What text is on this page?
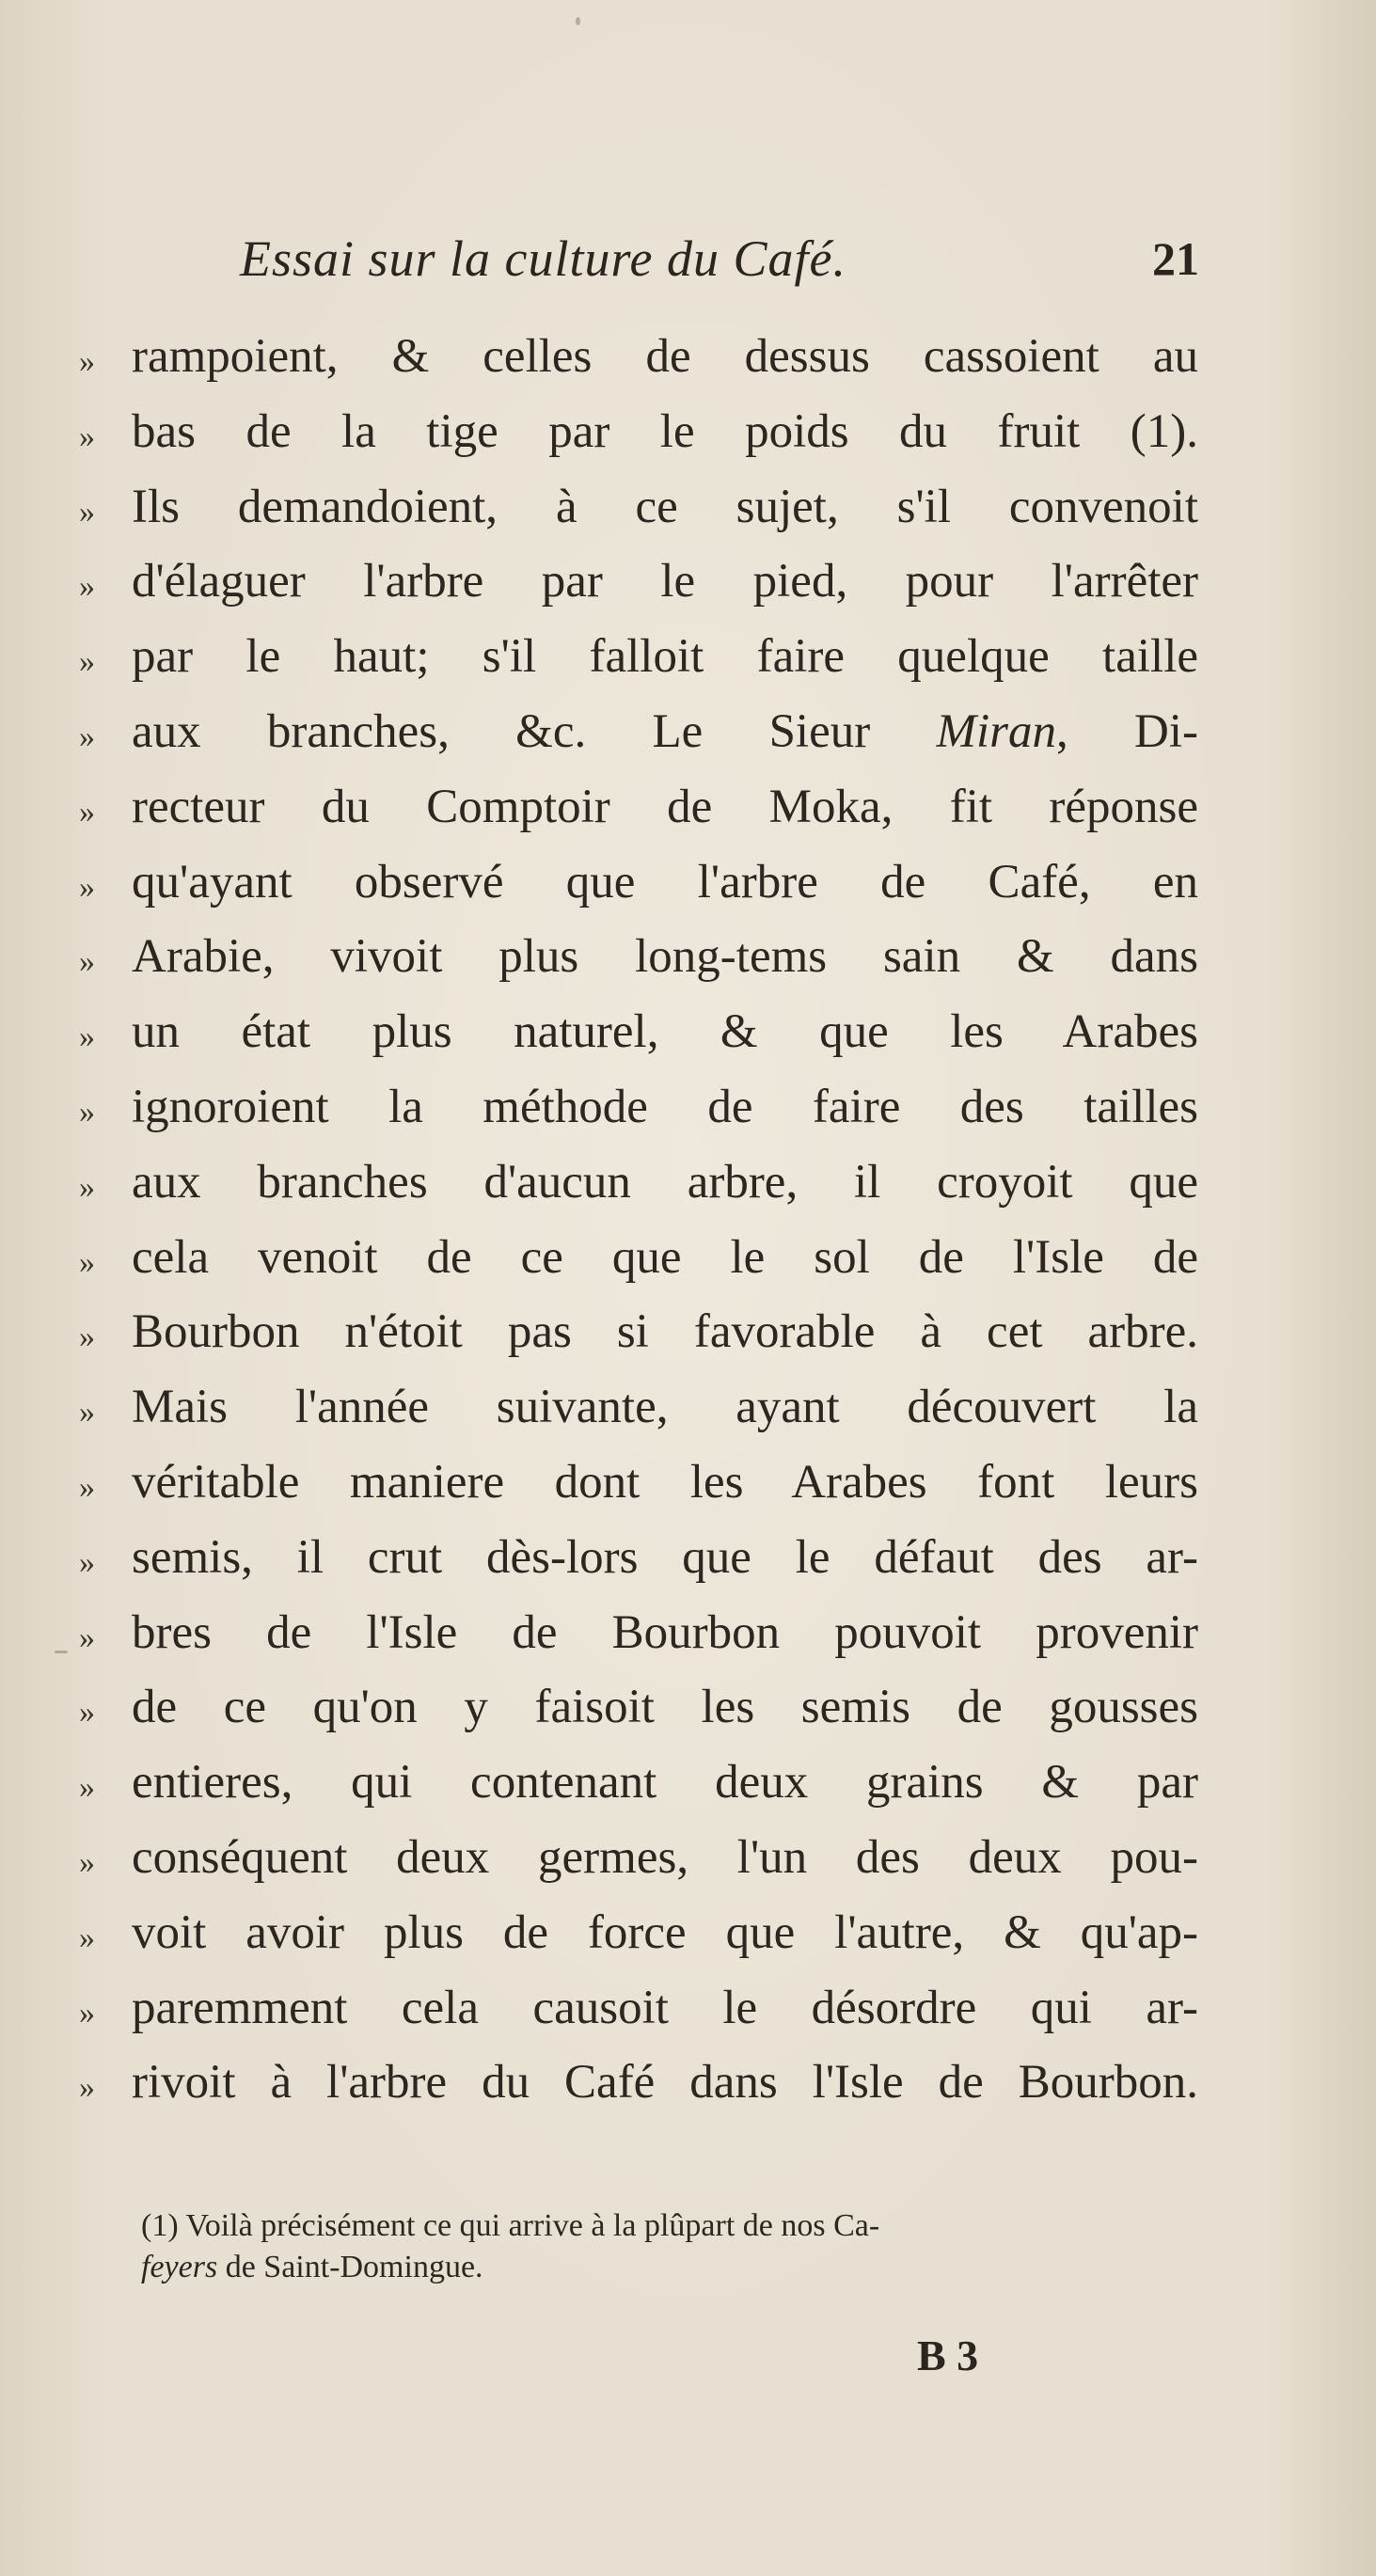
Essai sur la culture du Café.	21
» rampoient, & celles de dessus cassoient au
» bas de la tige par le poids du fruit (1).
» Ils demandoient, à ce sujet, s'il convenoit
» d'élaguer l'arbre par le pied, pour l'arrêter
» par le haut; s'il falloit faire quelque taille
» aux branches, &c. Le Sieur Miran, Di-
» recteur du Comptoir de Moka, fit réponse
» qu'ayant observé que l'arbre de Café, en
» Arabie, vivoit plus long-tems sain & dans
» un état plus naturel, & que les Arabes
» ignoroient la méthode de faire des tailles
» aux branches d'aucun arbre, il croyoit que
» cela venoit de ce que le sol de l'Isle de
» Bourbon n'étoit pas si favorable à cet arbre.
» Mais l'année suivante, ayant découvert la
» véritable maniere dont les Arabes font leurs
» semis, il crut dès-lors que le défaut des ar-
» bres de l'Isle de Bourbon pouvoit provenir
» de ce qu'on y faisoit les semis de gousses
» entieres, qui contenant deux grains & par
» conséquent deux germes, l'un des deux pou-
» voit avoir plus de force que l'autre, & qu'ap-
» paremment cela causoit le désordre qui ar-
» rivoit à l'arbre du Café dans l'Isle de Bourbon.
(1) Voilà précisément ce qui arrive à la plûpart de nos Ca-
feyers de Saint-Domingue.
B 3
